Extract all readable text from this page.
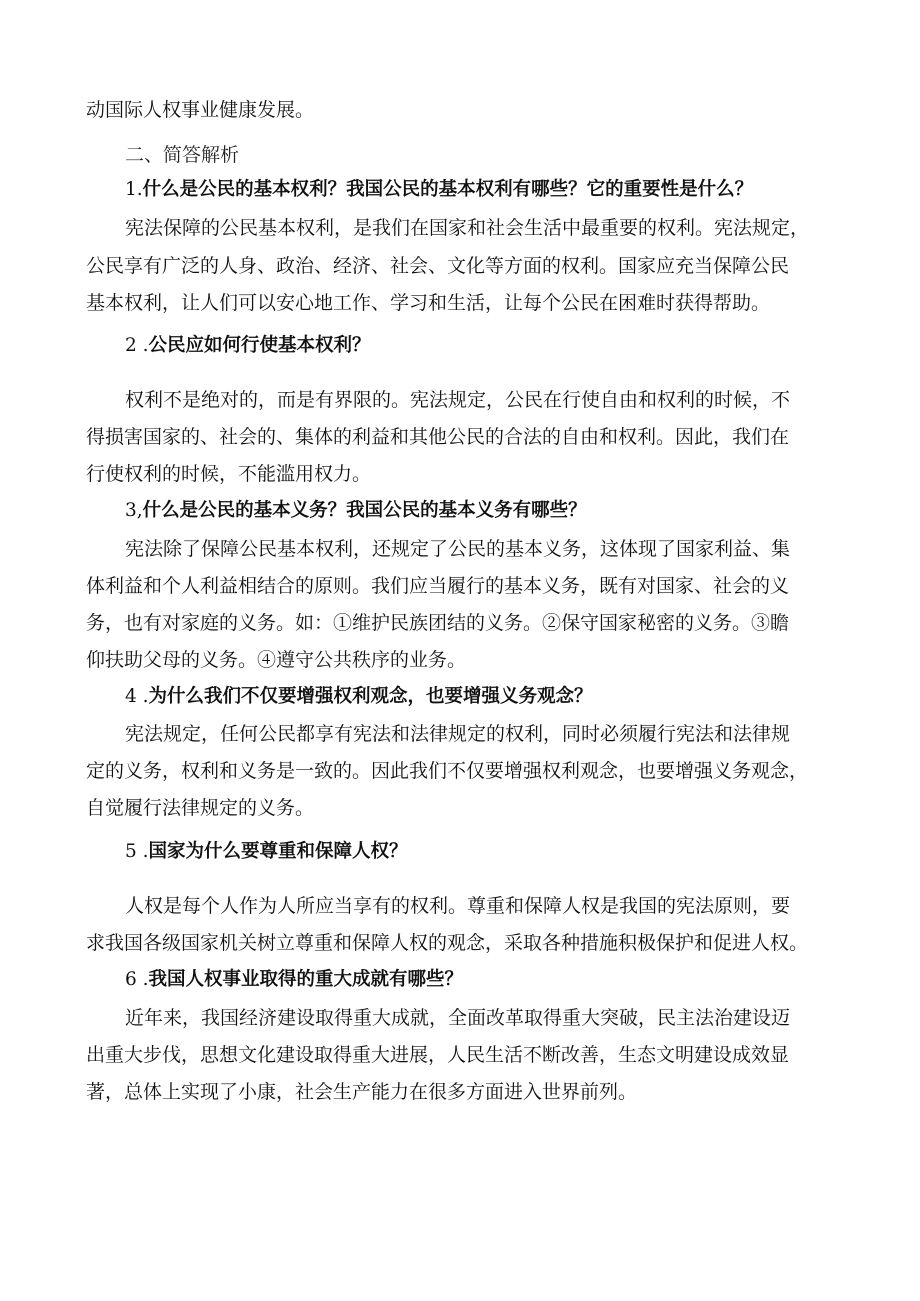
动国际人权事业健康发展。
二、简答解析
1.什么是公民的基本权利？我国公民的基本权利有哪些？它的重要性是什么？
宪法保障的公民基本权利，是我们在国家和社会生活中最重要的权利。宪法规定，
公民享有广泛的人身、政治、经济、社会、文化等方面的权利。国家应充当保障公民
基本权利，让人们可以安心地工作、学习和生活，让每个公民在困难时获得帮助。
2 .公民应如何行使基本权利？
权利不是绝对的，而是有界限的。宪法规定，公民在行使自由和权利的时候，不
得损害国家的、社会的、集体的利益和其他公民的合法的自由和权利。因此，我们在
行使权利的时候，不能滥用权力。
3,什么是公民的基本义务？我国公民的基本义务有哪些？
宪法除了保障公民基本权利，还规定了公民的基本义务，这体现了国家利益、集
体利益和个人利益相结合的原则。我们应当履行的基本义务，既有对国家、社会的义
务，也有对家庭的义务。如：①维护民族团结的义务。②保守国家秘密的义务。③瞻
仰扶助父母的义务。④遵守公共秩序的业务。
4 .为什么我们不仅要增强权利观念，也要增强义务观念？
宪法规定，任何公民都享有宪法和法律规定的权利，同时必须履行宪法和法律规
定的义务，权利和义务是一致的。因此我们不仅要增强权利观念，也要增强义务观念，
自觉履行法律规定的义务。
5 .国家为什么要尊重和保障人权？
人权是每个人作为人所应当享有的权利。尊重和保障人权是我国的宪法原则，要
求我国各级国家机关树立尊重和保障人权的观念，采取各种措施积极保护和促进人权。
6 .我国人权事业取得的重大成就有哪些？
近年来，我国经济建设取得重大成就，全面改革取得重大突破，民主法治建设迈
出重大步伐，思想文化建设取得重大进展，人民生活不断改善，生态文明建设成效显
著，总体上实现了小康，社会生产能力在很多方面进入世界前列。
